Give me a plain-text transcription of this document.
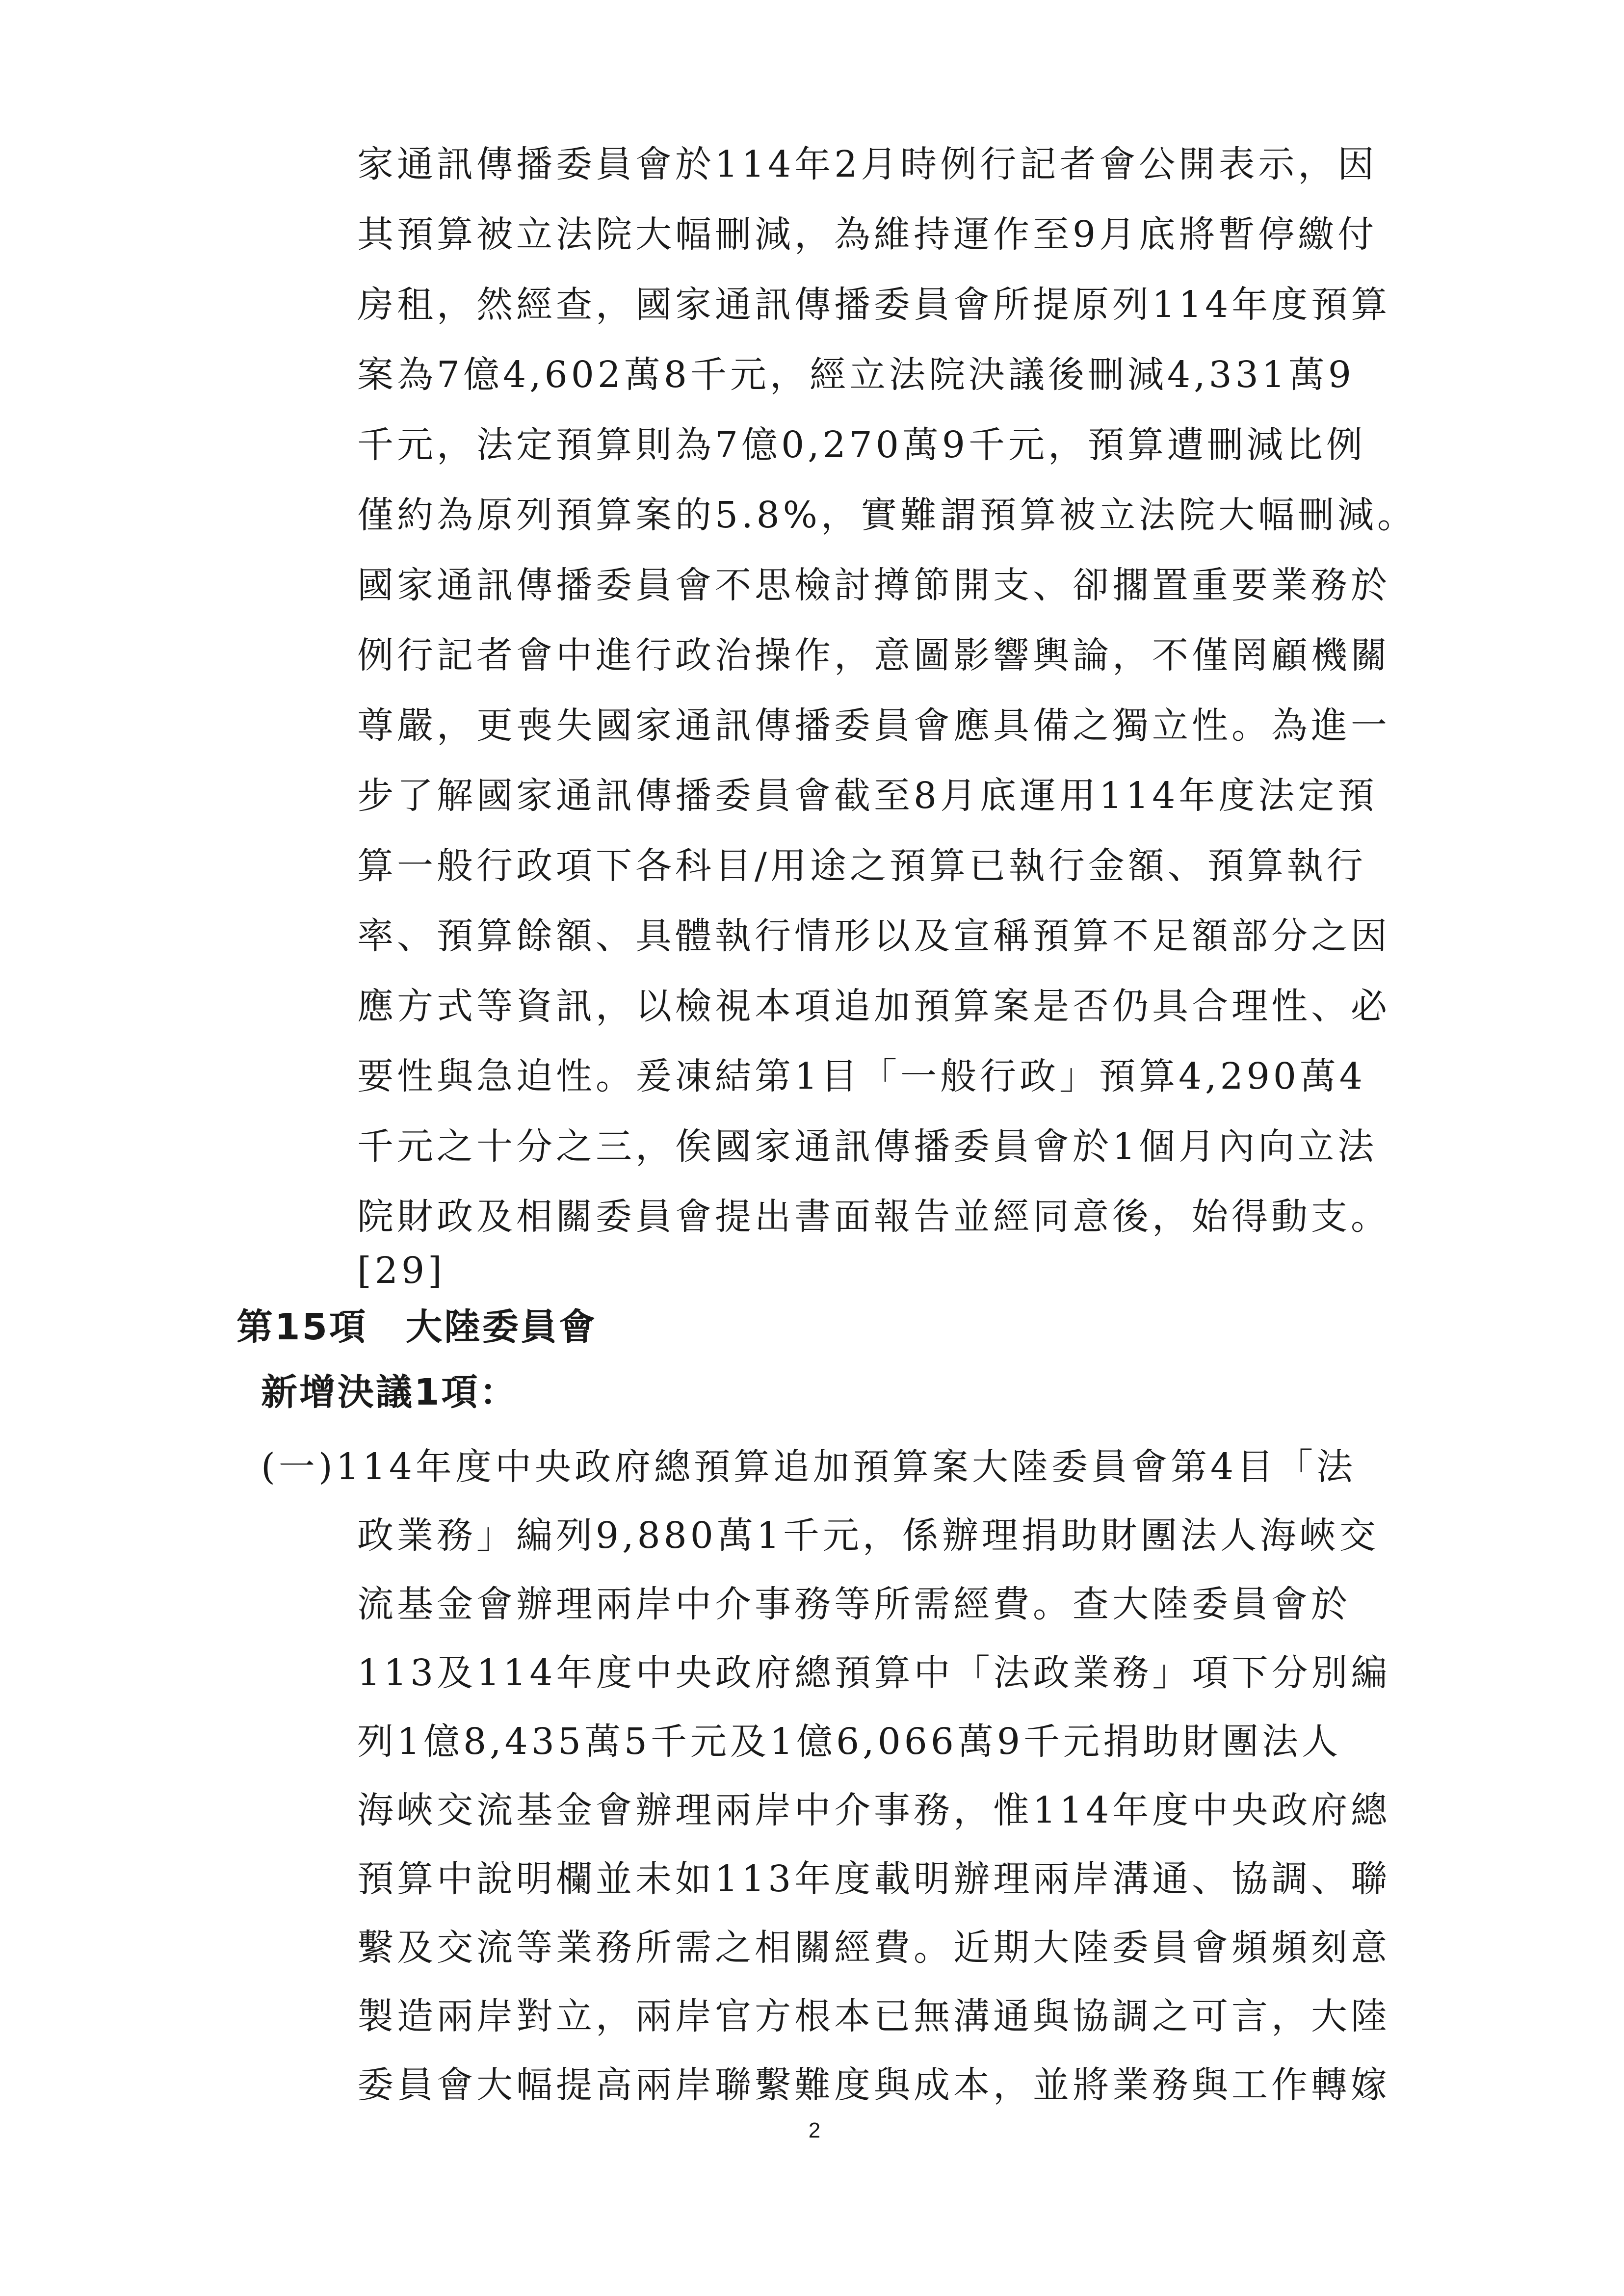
家通訊傳播委員會於114年2月時例行記者會公開表示，因
其預算被立法院大幅刪減，為維持運作至9月底將暫停繳付
房租，然經查，國家通訊傳播委員會所提原列114年度預算
案為7億4,602萬8千元，經立法院決議後刪減4,331萬9
千元，法定預算則為7億0,270萬9千元，預算遭刪減比例
僅約為原列預算案的5.8%，實難謂預算被立法院大幅刪減。
國家通訊傳播委員會不思檢討撙節開支、卻擱置重要業務於
例行記者會中進行政治操作，意圖影響輿論，不僅罔顧機關
尊嚴，更喪失國家通訊傳播委員會應具備之獨立性。為進一
步了解國家通訊傳播委員會截至8月底運用114年度法定預
算一般行政項下各科目/用途之預算已執行金額、預算執行
率、預算餘額、具體執行情形以及宣稱預算不足額部分之因
應方式等資訊，以檢視本項追加預算案是否仍具合理性、必
要性與急迫性。爰凍結第1目「一般行政」預算4,290萬4
千元之十分之三，俟國家通訊傳播委員會於1個月內向立法
院財政及相關委員會提出書面報告並經同意後，始得動支。
[29]
第15項　大陸委員會
新增決議1項：
(一)114年度中央政府總預算追加預算案大陸委員會第4目「法
政業務」編列9,880萬1千元，係辦理捐助財團法人海峽交
流基金會辦理兩岸中介事務等所需經費。查大陸委員會於
113及114年度中央政府總預算中「法政業務」項下分別編
列1億8,435萬5千元及1億6,066萬9千元捐助財團法人
海峽交流基金會辦理兩岸中介事務，惟114年度中央政府總
預算中說明欄並未如113年度載明辦理兩岸溝通、協調、聯
繫及交流等業務所需之相關經費。近期大陸委員會頻頻刻意
製造兩岸對立，兩岸官方根本已無溝通與協調之可言，大陸
委員會大幅提高兩岸聯繫難度與成本，並將業務與工作轉嫁
2
